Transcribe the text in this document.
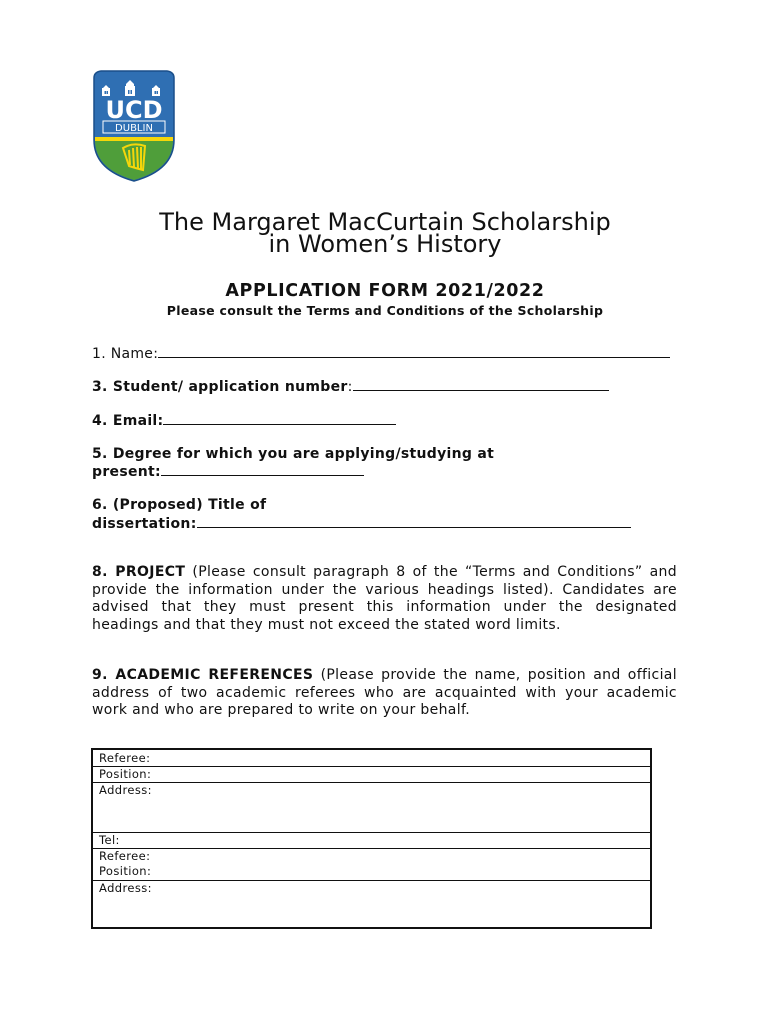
UCD
DUBLIN
The Margaret MacCurtain Scholarship
in Women’s History
APPLICATION FORM 2021/2022
Please consult the Terms and Conditions of the Scholarship
1. Name:
3. Student/ application number:
4. Email:
5. Degree for which you are applying/studying at
present:
6. (Proposed) Title of
dissertation:
8. PROJECT (Please consult paragraph 8 of the “Terms and Conditions” and provide the information under the various headings listed). Candidates are advised that they must present this information under the designated headings and that they must not exceed the stated word limits.
9. ACADEMIC REFERENCES (Please provide the name, position and official address of two academic referees who are acquainted with your academic work and who are prepared to write on your behalf.
Referee:
Position:
Address:
Tel:
Referee:
Position:
Address:
